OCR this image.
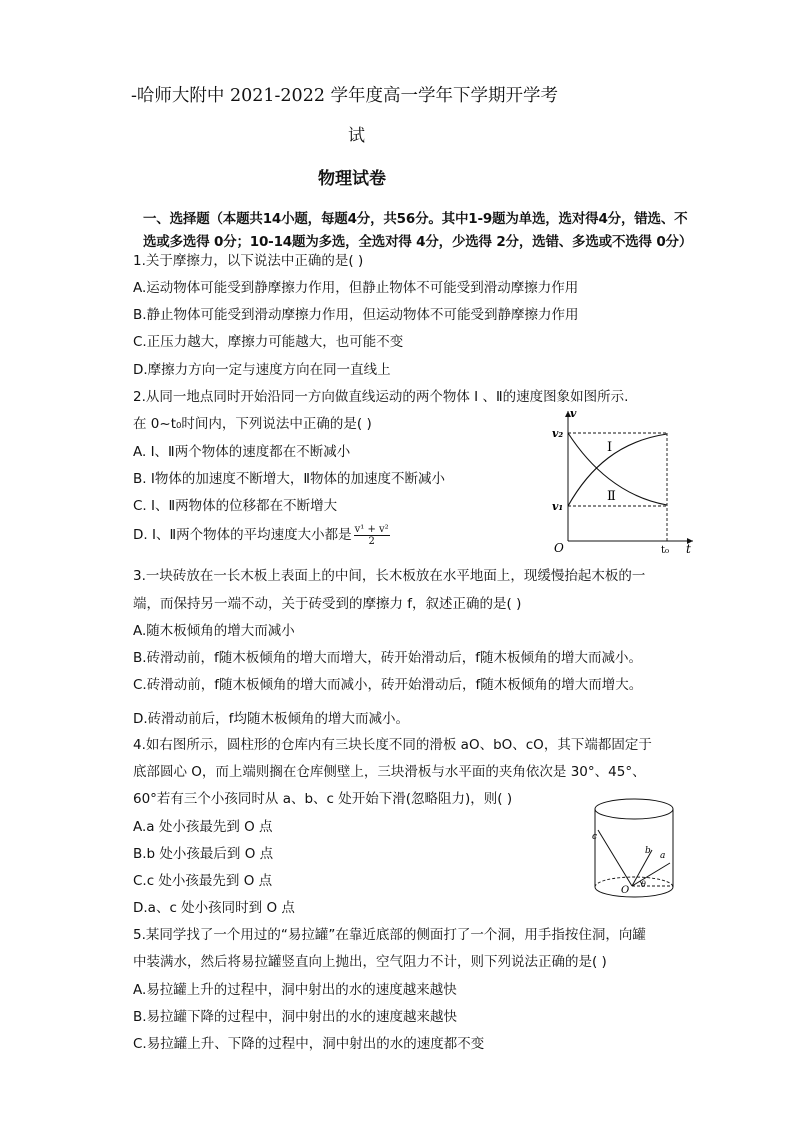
-哈师大附中 2021-2022 学年度高一学年下学期开学考
试
物理试卷
一、选择题（本题共14小题，每题4分，共56分。其中1-9题为单选，选对得4分，错选、不
选或多选得 0分；10-14题为多选，全选对得 4分，少选得 2分，选错、多选或不选得 0分）
1.关于摩擦力，以下说法中正确的是( )
A.运动物体可能受到静摩擦力作用，但静止物体不可能受到滑动摩擦力作用
B.静止物体可能受到滑动摩擦力作用，但运动物体不可能受到静摩擦力作用
C.正压力越大，摩擦力可能越大，也可能不变
D.摩擦力方向一定与速度方向在同一直线上
2.从同一地点同时开始沿同一方向做直线运动的两个物体 I 、Ⅱ的速度图象如图所示.
在 0~t₀时间内，下列说法中正确的是( )
A. Ⅰ、Ⅱ两个物体的速度都在不断减小
B. Ⅰ物体的加速度不断增大，Ⅱ物体的加速度不断减小
C. Ⅰ、Ⅱ两物体的位移都在不断增大
D. Ⅰ、Ⅱ两个物体的平均速度大小都是 $\frac{\text{v¹ + v²}}{2}$
v
t
O
v₂
v₁
t₀
Ⅰ
Ⅱ
3.一块砖放在一长木板上表面上的中间，长木板放在水平地面上，现缓慢抬起木板的一
端，而保持另一端不动，关于砖受到的摩擦力 f，叙述正确的是( )
A.随木板倾角的增大而减小
B.砖滑动前，f随木板倾角的增大而增大，砖开始滑动后，f随木板倾角的增大而减小。
C.砖滑动前，f随木板倾角的增大而减小，砖开始滑动后，f随木板倾角的增大而增大。
D.砖滑动前后，f均随木板倾角的增大而减小。
4.如右图所示，圆柱形的仓库内有三块长度不同的滑板 aO、bO、cO，其下端都固定于
底部圆心 O，而上端则搁在仓库侧壁上，三块滑板与水平面的夹角依次是 30°、45°、
60°若有三个小孩同时从 a、b、c 处开始下滑(忽略阻力)，则( )
A.a 处小孩最先到 O 点
B.b 处小孩最后到 O 点
C.c 处小孩最先到 O 点
D.a、c 处小孩同时到 O 点
c
b a
O
θ
5.某同学找了一个用过的“易拉罐”在靠近底部的侧面打了一个洞，用手指按住洞，向罐
中装满水，然后将易拉罐竖直向上抛出，空气阻力不计，则下列说法正确的是( )
A.易拉罐上升的过程中，洞中射出的水的速度越来越快
B.易拉罐下降的过程中，洞中射出的水的速度越来越快
C.易拉罐上升、下降的过程中，洞中射出的水的速度都不变
